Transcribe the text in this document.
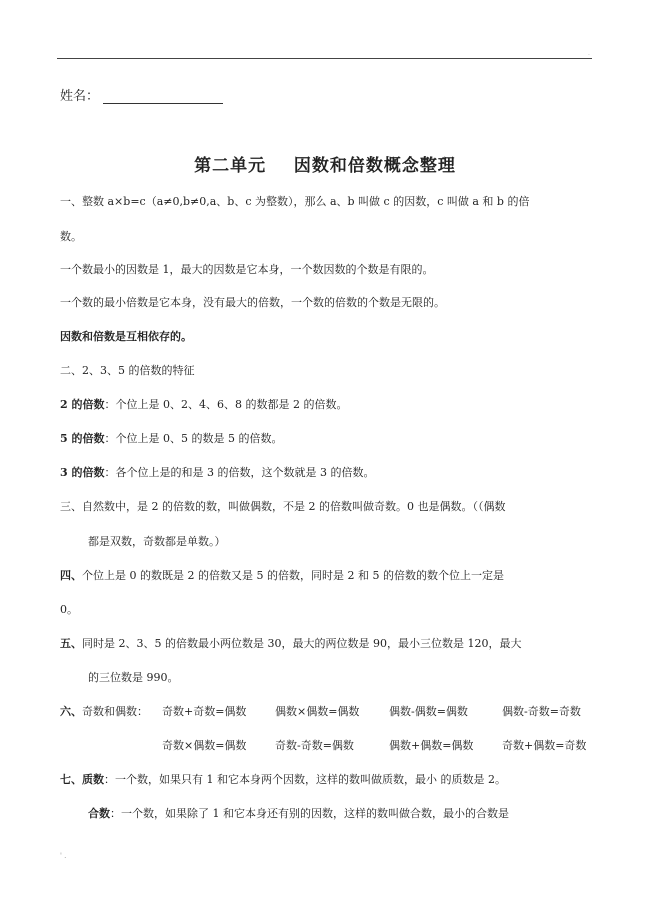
.
姓名：
第二单元    因数和倍数概念整理
一、整数 a×b=c（a≠0,b≠0,a、b、c 为整数），那么 a、b 叫做 c 的因数，c 叫做 a 和 b 的倍
数。
一个数最小的因数是 1，最大的因数是它本身，一个数因数的个数是有限的。
一个数的最小倍数是它本身，没有最大的倍数，一个数的倍数的个数是无限的。
因数和倍数是互相依存的。
二、2、3、5 的倍数的特征
2 的倍数：个位上是 0、2、4、6、8 的数都是 2 的倍数。
5 的倍数：个位上是 0、5 的数是 5 的倍数。
3 的倍数：各个位上是的和是 3 的倍数，这个数就是 3 的倍数。
三、自然数中，是 2 的倍数的数，叫做偶数，不是 2 的倍数叫做奇数。0 也是偶数。（（偶数
都是双数，奇数都是单数。）
四、个位上是 0 的数既是 2 的倍数又是 5 的倍数，同时是 2 和 5 的倍数的数个位上一定是
0。
五、同时是 2、3、5 的倍数最小两位数是 30，最大的两位数是 90，最小三位数是 120，最大
的三位数是 990。
六、奇数和偶数： 奇数+奇数=偶数	偶数×偶数=偶数	偶数-偶数=偶数	偶数-奇数=奇数
奇数×偶数=偶数	奇数-奇数=偶数	偶数+偶数=偶数	奇数+偶数=奇数
七、质数：一个数，如果只有 1 和它本身两个因数，这样的数叫做质数，最小 的质数是 2。
合数：一个数，如果除了 1 和它本身还有别的因数，这样的数叫做合数，最小的合数是
' .
